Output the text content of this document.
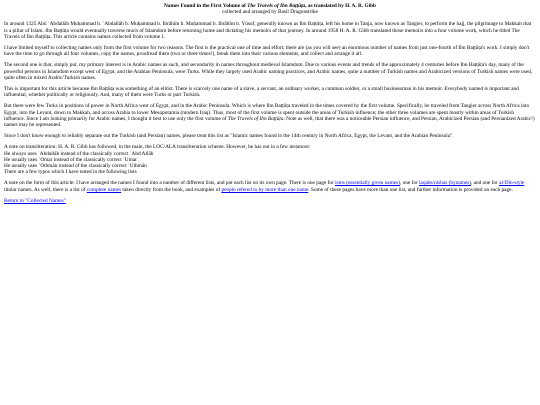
Names Found in the First Volume of The Travels of Ibn Baṭṭūṭa, as translated by H. A. R. Gibb
collected and arranged by Basil Dragonstrike

In around 1325 Abū ʿAbdallāh Muḥammad b. ʿAbdallāh b. Muḥammad b. Ibrāhīm b. Muḥammad b. Ibrāhīm b. Yūsuf, generally known as Ibn Baṭṭūṭa, left his home in Tanja, now known as Tangier, to perform the hajj, the pilgrimage to Makkah that is a pillar of Islam. Ibn Baṭṭūṭa would eventually traverse much of Islamdom before returning home and dictating his memoirs of that journey. In around 1958 H. A. R. Gibb translated those memoirs into a four volume work, which he titled The Travels of Ibn Baṭṭūṭa. This article contains names collected from volume 1.

I have limited myself to collecting names only from the first volume for two reasons. The first is the practical one of time and effort; there are (as you will see) an enormous number of names from just one-fourth of Ibn Baṭṭūṭa's work. I simply don't have the time to go through all four volumes, copy the names, proofread them (two or three times!), break them into their various elements, and collect and arrange it all.

The second one is that, simply put, my primary interest is in Arabic names as such, and secondarily in names throughout medieval Islamdom. Due to various events and trends of the approximately 4 centuries before Ibn Baṭṭūṭa's day, many of the powerful persons in Islamdom except west of Egypt, and the Arabian Peninsula, were Turks. While they largely used Arabic naming practices, and Arabic names, quite a number of Turkish names and Arabicized versions of Turkish names were used, quite often in mixed Arabic/Turkish names.

This is important for this article because Ibn Baṭṭūṭa was something of an elitist. There is scarcely one name of a slave, a servant, an ordinary worker, a common soldier, or a small businessman in his memoir. Everybody named is important and influential, whether politically or religiously. And, many of them were Turks or part Turkish.

But there were few Turks in positions of power in North Africa west of Egypt, and in the Arabic Peninsula. Which is where Ibn Baṭṭūṭa traveled in the times covered by the first volume. Specifically, he traveled from Tangier across North Africa into Egypt, into the Levant, down to Makkah, and across Arabia to lower Mesopotamia (modern Iraq). Thus, most of the first volume is spent outside the areas of Turkish influence; the other three volumes are spent mostly within areas of Turkish influence. Since I am looking primarily for Arabic names, I thought it best to use only the first volume of The Travels of Ibn Baṭṭūṭa. Note as well, that there was a noticeable Persian influence, and Persian, Arabicized Persian (and Persianized Arabic!) names may be represented.

Since I don't know enough to reliably separate out the Turkish (and Persian) names, please treat this list as "Islamic names found in the 14th century in North Africa, Egypt, the Levant, and the Arabian Peninsula".

A note on transliteration: H. A. R. Gibb has followed, in the main, the LOC/ALA transliteration scheme. However, he has not in a few instances:
He always uses ʿAbdallāh instead of the classically correct ʿAbd Allāh
He usually uses ʿOmar instead of the classically correct ʿUmar
He usually uses ʿOthmān instead of the classically correct ʿUthmān
There are a few typos which I have noted in the following lists

A note on the form of this article: I have arranged the names I found into a number of different lists, and put each list on its own page. There is one page for isms (essentially given names), one for laqabs/nisbas (bynames), and one for al-Dīn-style titular names. As well, there is a list of complete names taken directly from the book, and examples of people refered to by more than one name. Some of these pages have more than one list, and further information is provided on each page.

Return to "Collected Names"
